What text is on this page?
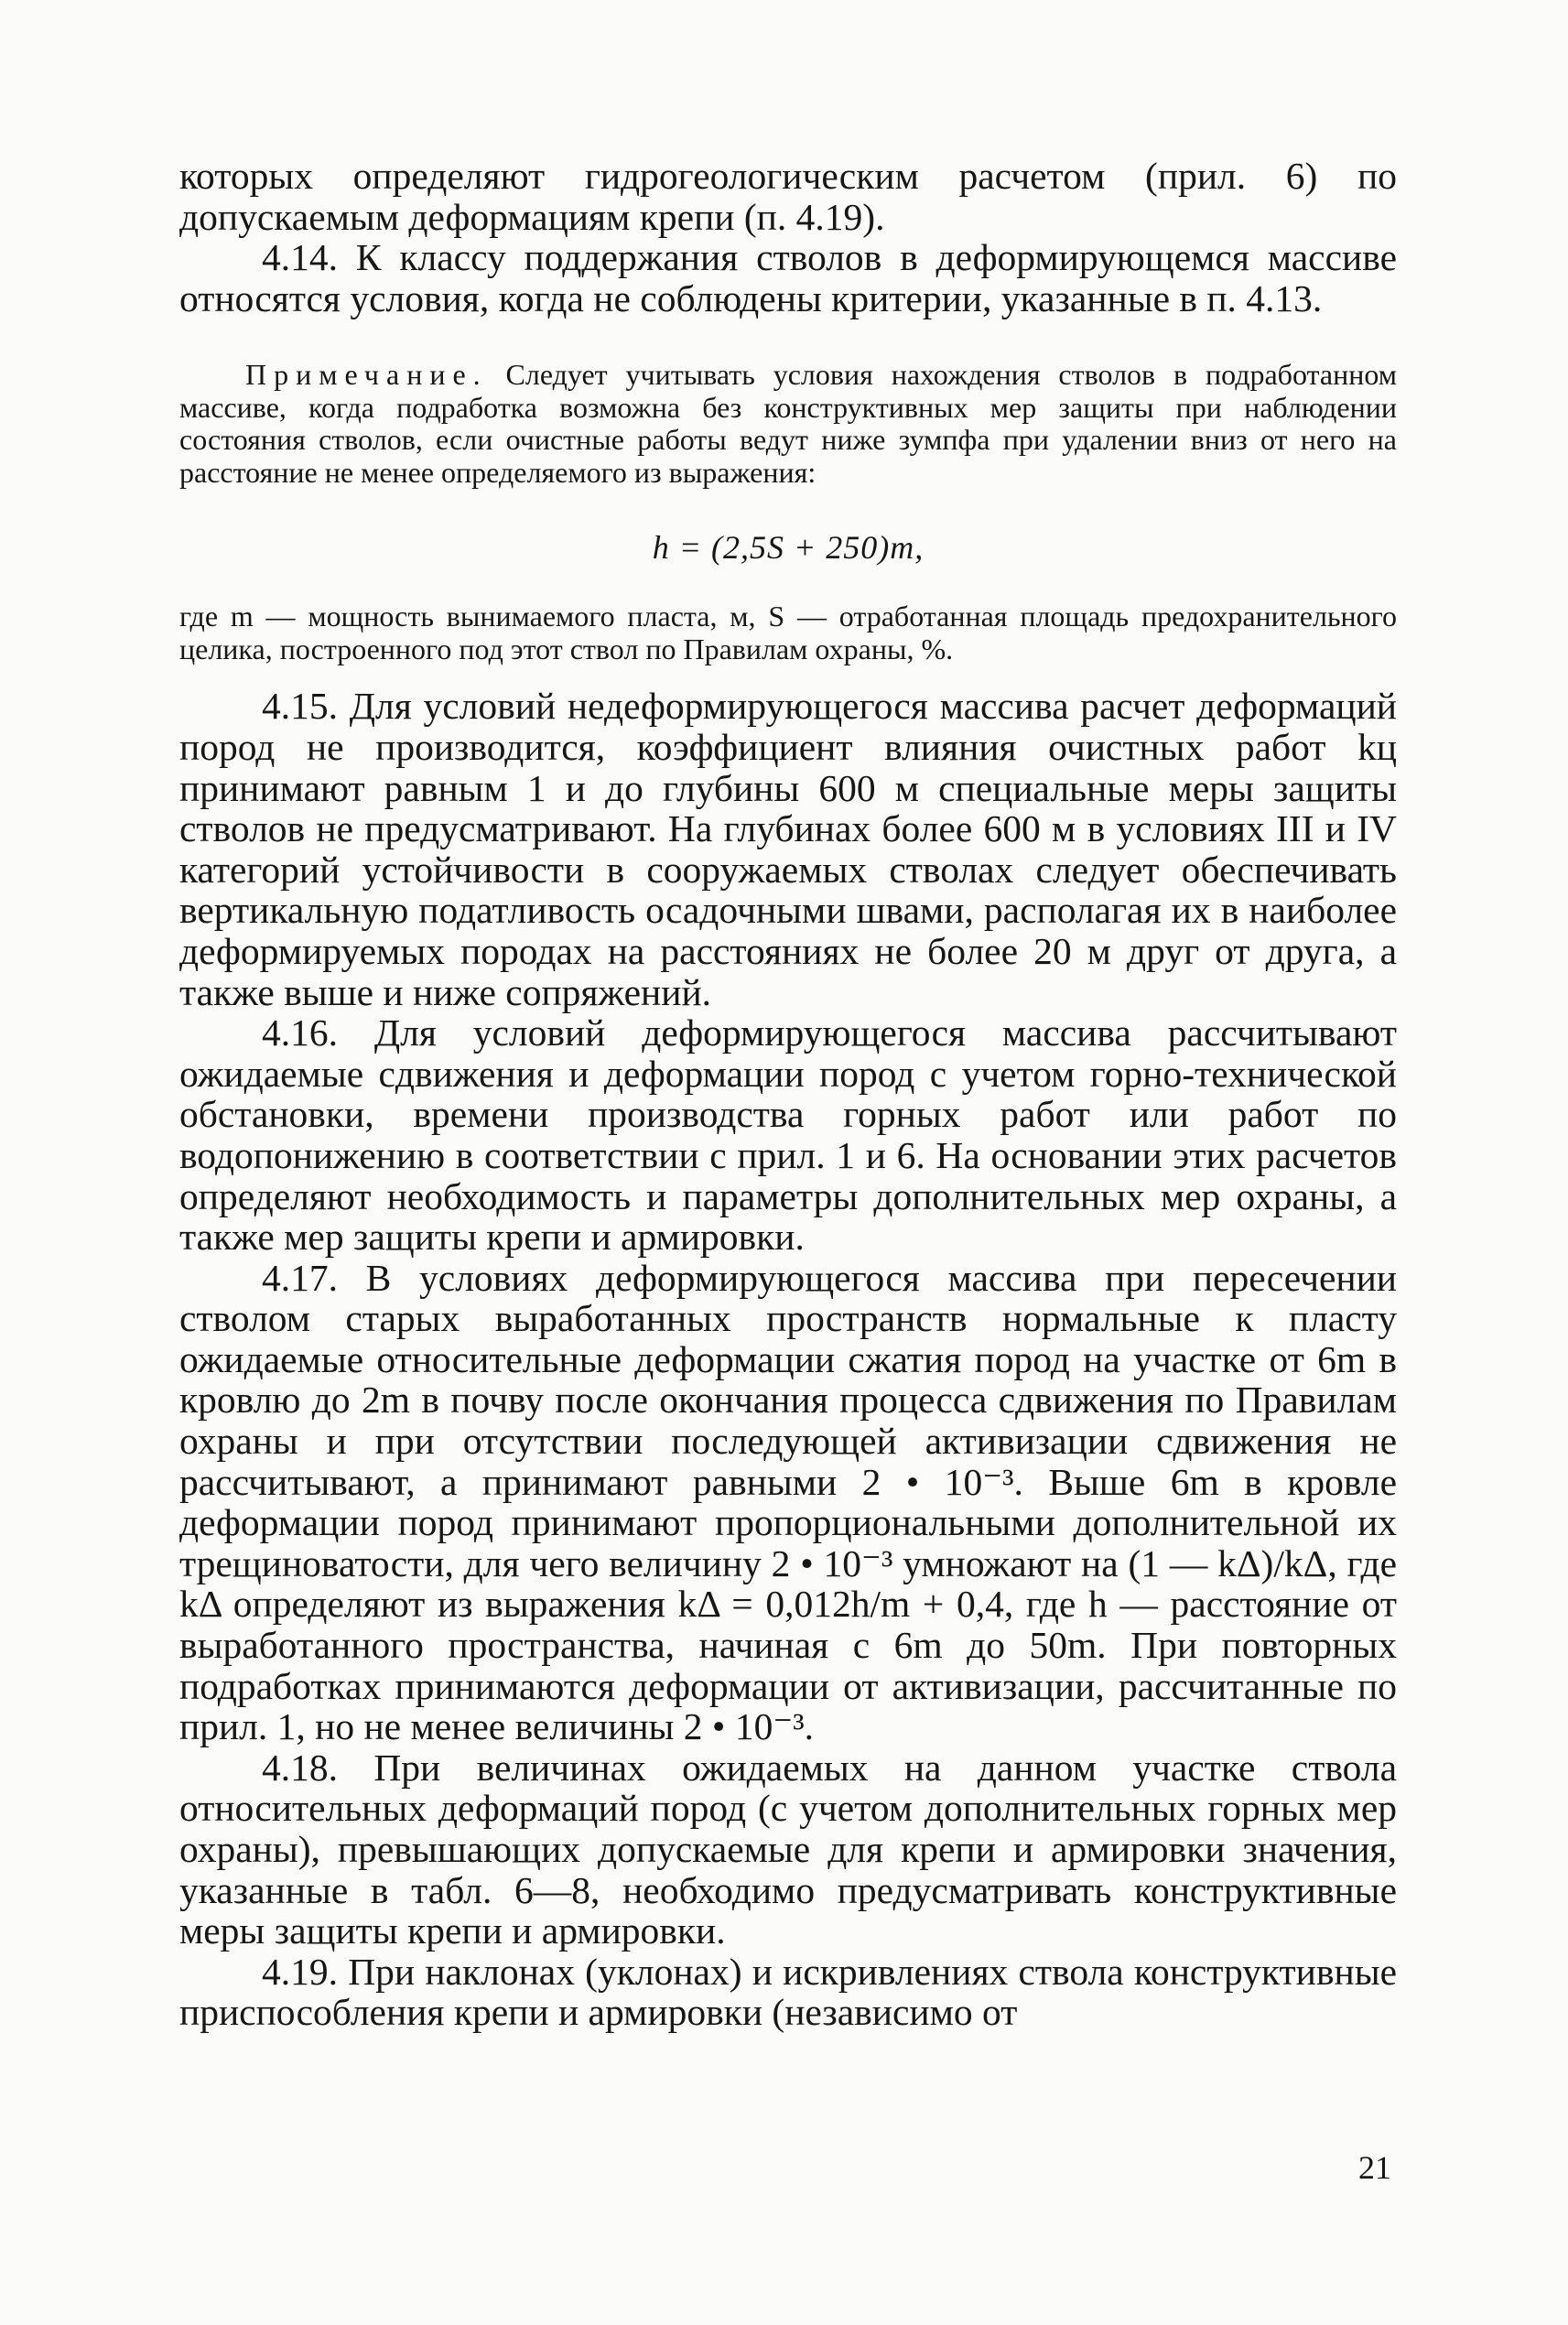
которых определяют гидрогеологическим расчетом (прил. 6) по допускаемым деформациям крепи (п. 4.19).

4.14. К классу поддержания стволов в деформирующемся массиве относятся условия, когда не соблюдены критерии, указанные в п. 4.13.

Примечание. Следует учитывать условия нахождения стволов в подработанном массиве, когда подработка возможна без конструктивных мер защиты при наблюдении состояния стволов, если очистные работы ведут ниже зумпфа при удалении вниз от него на расстояние не менее определяемого из выражения:

h = (2,5S + 250)m,

где m — мощность вынимаемого пласта, м, S — отработанная площадь предохранительного целика, построенного под этот ствол по Правилам охраны, %.

4.15. Для условий недеформирующегося массива расчет деформаций пород не производится, коэффициент влияния очистных работ kц принимают равным 1 и до глубины 600 м специальные меры защиты стволов не предусматривают. На глубинах более 600 м в условиях III и IV категорий устойчивости в сооружаемых стволах следует обеспечивать вертикальную податливость осадочными швами, располагая их в наиболее деформируемых породах на расстояниях не более 20 м друг от друга, а также выше и ниже сопряжений.

4.16. Для условий деформирующегося массива рассчитывают ожидаемые сдвижения и деформации пород с учетом горно-технической обстановки, времени производства горных работ или работ по водопонижению в соответствии с прил. 1 и 6. На основании этих расчетов определяют необходимость и параметры дополнительных мер охраны, а также мер защиты крепи и армировки.

4.17. В условиях деформирующегося массива при пересечении стволом старых выработанных пространств нормальные к пласту ожидаемые относительные деформации сжатия пород на участке от 6m в кровлю до 2m в почву после окончания процесса сдвижения по Правилам охраны и при отсутствии последующей активизации сдвижения не рассчитывают, а принимают равными 2 • 10⁻³. Выше 6m в кровле деформации пород принимают пропорциональными дополнительной их трещиноватости, для чего величину 2 • 10⁻³ умножают на (1 — kΔ)/kΔ, где kΔ определяют из выражения kΔ = 0,012h/m + 0,4, где h — расстояние от выработанного пространства, начиная с 6m до 50m. При повторных подработках принимаются деформации от активизации, рассчитанные по прил. 1, но не менее величины 2 • 10⁻³.

4.18. При величинах ожидаемых на данном участке ствола относительных деформаций пород (с учетом дополнительных горных мер охраны), превышающих допускаемые для крепи и армировки значения, указанные в табл. 6—8, необходимо предусматривать конструктивные меры защиты крепи и армировки.

4.19. При наклонах (уклонах) и искривлениях ствола конструктивные приспособления крепи и армировки (независимо от

21
